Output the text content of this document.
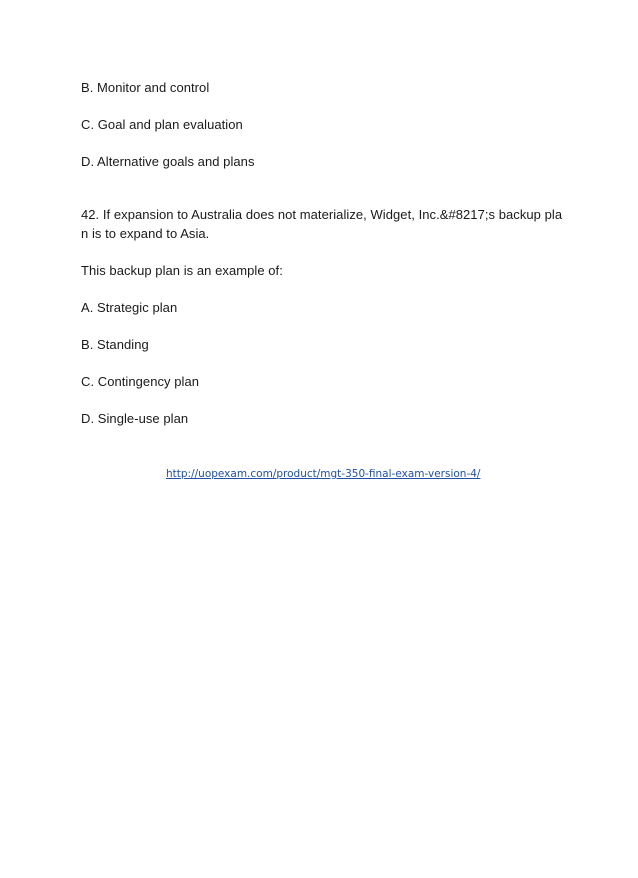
B. Monitor and control
C. Goal and plan evaluation
D. Alternative goals and plans
42. If expansion to Australia does not materialize, Widget, Inc.&#8217;s backup pla
n is to expand to Asia.
This backup plan is an example of:
A. Strategic plan
B. Standing
C. Contingency plan
D. Single-use plan
http://uopexam.com/product/mgt-350-final-exam-version-4/
